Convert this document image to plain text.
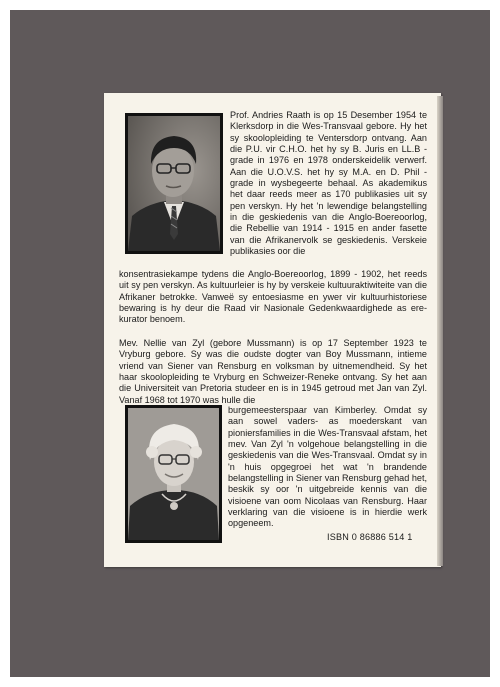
Prof. Andries Raath is op 15 Desember 1954 te Klerksdorp in die Wes-Transvaal gebore. Hy het sy skoolopleiding te Ventersdorp ontvang. Aan die P.U. vir C.H.O. het hy sy B. Juris en LL.B - grade in 1976 en 1978 onderskeidelik verwerf. Aan die U.O.V.S. het hy sy M.A. en D. Phil - grade in wysbegeerte behaal. As akademikus het daar reeds meer as 170 publikasies uit sy pen verskyn. Hy het 'n lewendige belangstelling in die geskiedenis van die Anglo-Boereoorlog, die Rebellie van 1914 - 1915 en ander fasette van die Afrikanervolk se geskiedenis. Verskeie publikasies oor die

konsentrasiekampe tydens die Anglo-Boereoorlog, 1899 - 1902, het reeds uit sy pen verskyn. As kultuurleier is hy by verskeie kultuuraktiwiteite van die Afrikaner betrokke. Vanweë sy entoesiasme en ywer vir kultuurhistoriese bewaring is hy deur die Raad vir Nasionale Gedenkwaardighede as ere-kurator benoem.

Mev. Nellie van Zyl (gebore Mussmann) is op 17 September 1923 te Vryburg gebore. Sy was die oudste dogter van Boy Mussmann, intieme vriend van Siener van Rensburg en volksman by uitnemendheid. Sy het haar skoolopleiding te Vryburg en Schweizer-Reneke ontvang. Sy het aan die Universiteit van Pretoria studeer en is in 1945 getroud met Jan van Zyl. Vanaf 1968 tot 1970 was hulle die

burgemeesterspaar van Kimberley. Omdat sy aan sowel vaders- as moederskant van pioniersfamilies in die Wes-Transvaal afstam, het mev. Van Zyl 'n volgehoue belangstelling in die geskiedenis van die Wes-Transvaal. Omdat sy in 'n huis opgegroei het wat 'n brandende belangstelling in Siener van Rensburg gehad het, beskik sy oor 'n uitgebreide kennis van die visioene van oom Nicolaas van Rensburg. Haar verklaring van die visioene is in hierdie werk opgeneem.

ISBN 0 86886 514 1
